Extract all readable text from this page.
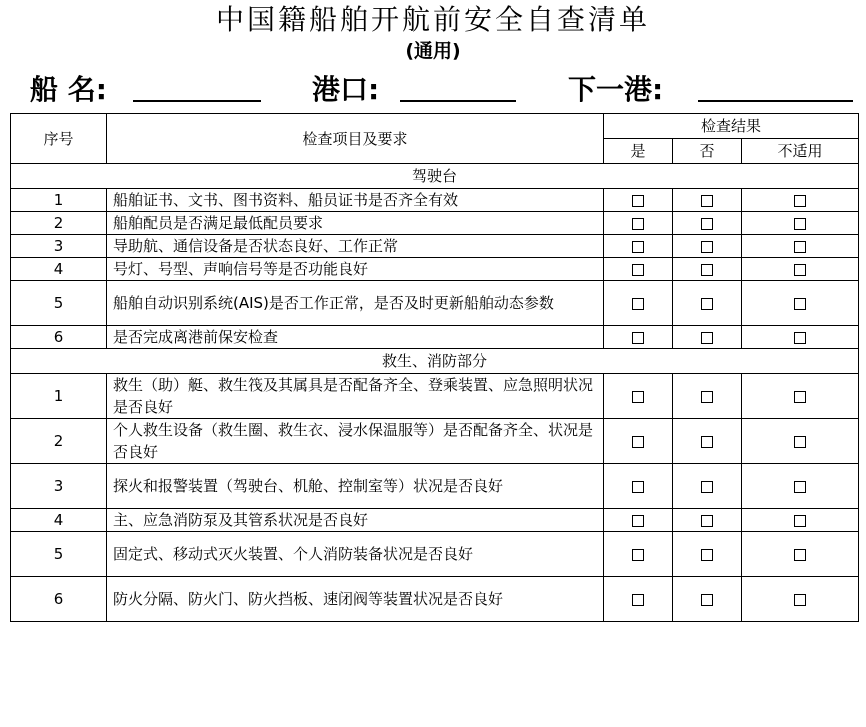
中国籍船舶开航前安全自查清单
(通用)
船 名:	港口:	下一港:
序号	检查项目及要求	检查结果		
		是	否	不适用
驾驶台				
1	船舶证书、文书、图书资料、船员证书是否齐全有效			
2	船舶配员是否满足最低配员要求			
3	导助航、通信设备是否状态良好、工作正常			
4	号灯、号型、声响信号等是否功能良好			
5	船舶自动识别系统(AIS)是否工作正常，是否及时更新船舶动态参数			
6	是否完成离港前保安检查			
救生、消防部分				
1	救生（助）艇、救生筏及其属具是否配备齐全、登乘装置、应急照明状况是否良好			
2	个人救生设备（救生圈、救生衣、浸水保温服等）是否配备齐全、状况是否良好			
3	探火和报警装置（驾驶台、机舱、控制室等）状况是否良好			
4	主、应急消防泵及其管系状况是否良好			
5	固定式、移动式灭火装置、个人消防装备状况是否良好			
6	防火分隔、防火门、防火挡板、速闭阀等装置状况是否良好			
